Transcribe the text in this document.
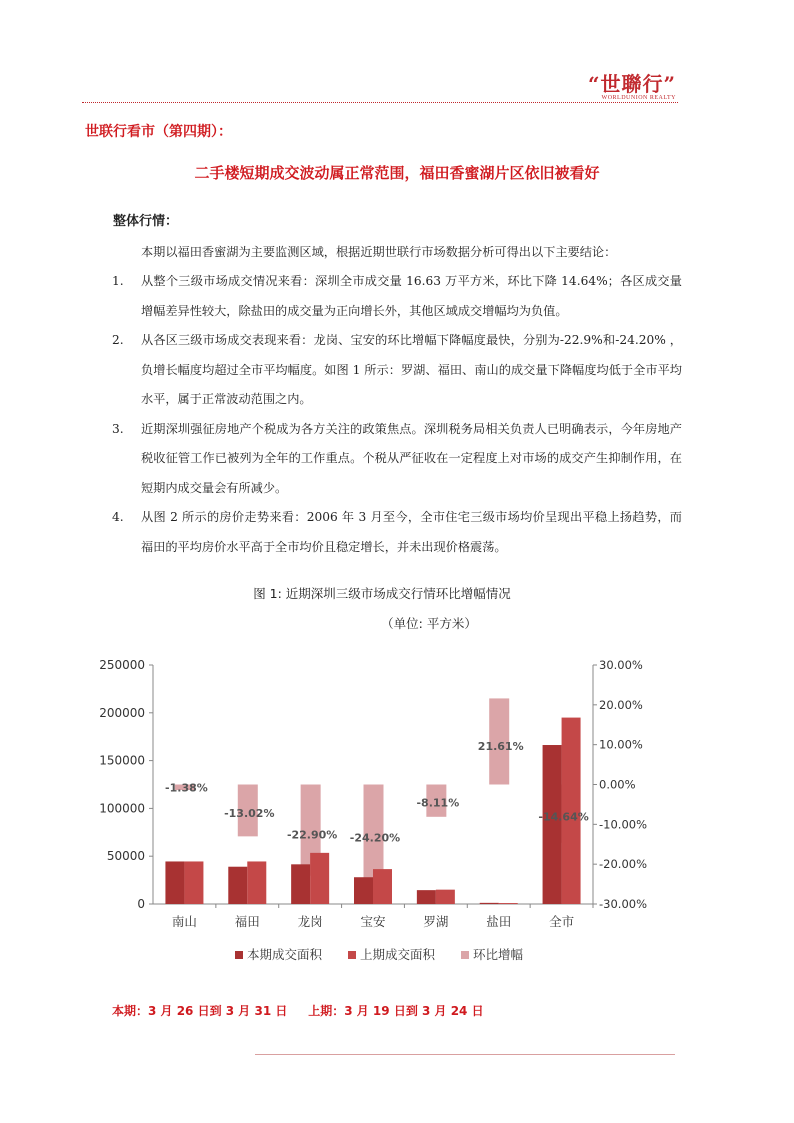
“世聯行”
WORLDUNION REALTY
世联行看市（第四期）：
二手楼短期成交波动属正常范围，福田香蜜湖片区依旧被看好
整体行情：
本期以福田香蜜湖为主要监测区域，根据近期世联行市场数据分析可得出以下主要结论：
1.	从整个三级市场成交情况来看：深圳全市成交量 16.63 万平方米，环比下降 14.64%；各区成交量增幅差异性较大，除盐田的成交量为正向增长外，其他区域成交增幅均为负值。
2.	从各区三级市场成交表现来看：龙岗、宝安的环比增幅下降幅度最快，分别为-22.9%和-24.20% ，负增长幅度均超过全市平均幅度。如图 1 所示：罗湖、福田、南山的成交量下降幅度均低于全市平均水平，属于正常波动范围之内。
3.	近期深圳强征房地产个税成为各方关注的政策焦点。深圳税务局相关负责人已明确表示，今年房地产税收征管工作已被列为全年的工作重点。个税从严征收在一定程度上对市场的成交产生抑制作用，在短期内成交量会有所减少。
4.	从图 2 所示的房价走势来看：2006 年 3 月至今，全市住宅三级市场均价呈现出平稳上扬趋势，而福田的平均房价水平高于全市均价且稳定增长，并未出现价格震荡。
图 1: 近期深圳三级市场成交行情环比增幅情况
（单位: 平方米）
0
50000
100000
150000
200000
250000
-30.00%
-20.00%
-10.00%
0.00%
10.00%
20.00%
30.00%
南山	福田	龙岗	宝安	罗湖	盐田	全市
-1.38%
-13.02%
-22.90% -24.20%
-8.11%
21.61%
-14.64%
本期成交面积	上期成交面积	环比增幅
本期：3 月 26 日到 3 月 31 日     上期：3 月 19 日到 3 月 24 日
